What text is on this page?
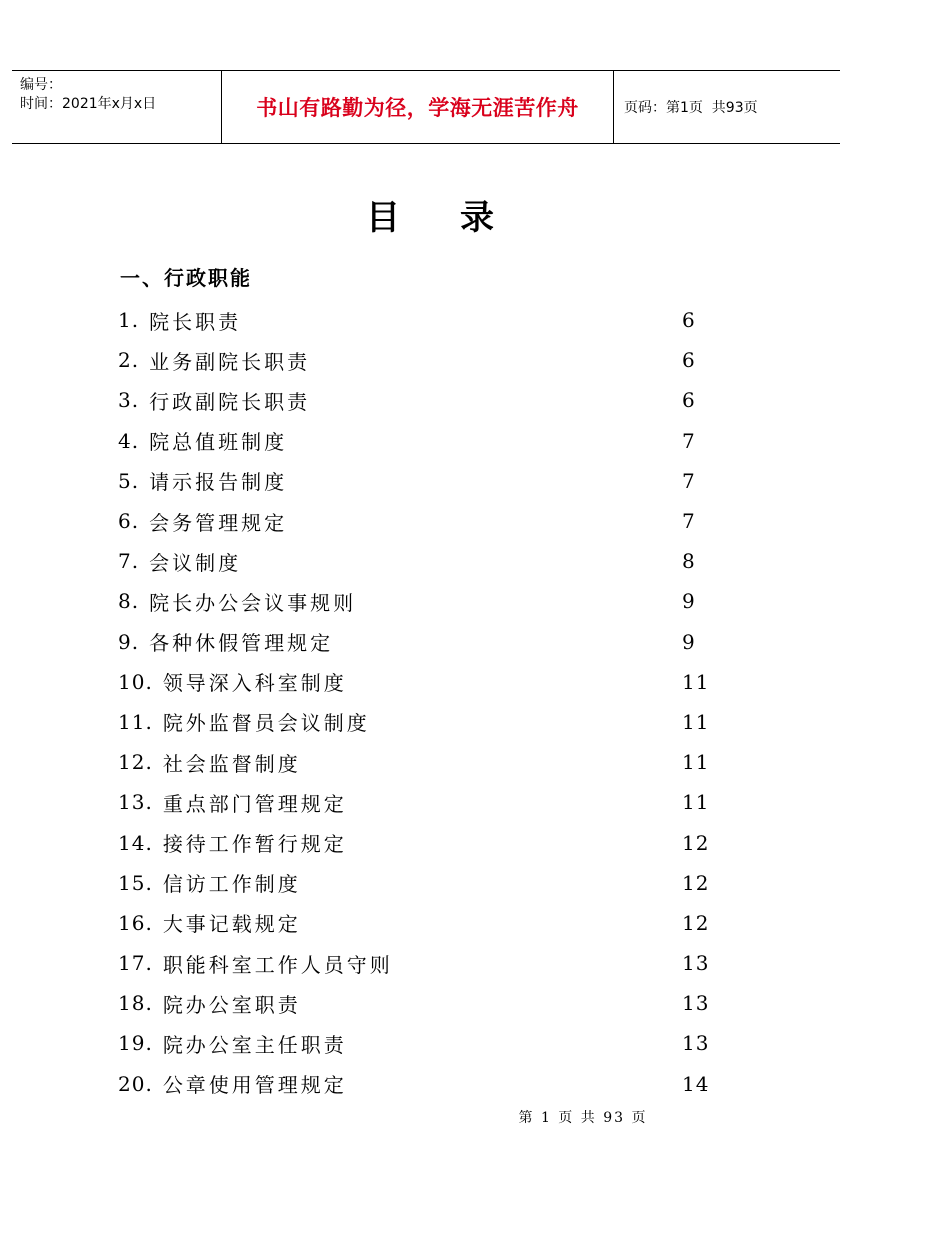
编号：
时间：2021年x月x日	书山有路勤为径，学海无涯苦作舟	页码：第1页  共93页
目录
一、行政职能
1. 院长职责	6
2. 业务副院长职责	6
3. 行政副院长职责	6
4. 院总值班制度	7
5. 请示报告制度	7
6. 会务管理规定	7
7. 会议制度	8
8. 院长办公会议事规则	9
9. 各种休假管理规定	9
10. 领导深入科室制度	11
11. 院外监督员会议制度	11
12. 社会监督制度	11
13. 重点部门管理规定	11
14. 接待工作暂行规定	12
15. 信访工作制度	12
16. 大事记载规定	12
17. 职能科室工作人员守则	13
18. 院办公室职责	13
19. 院办公室主任职责	13
20. 公章使用管理规定	14
第 1 页 共 93 页
